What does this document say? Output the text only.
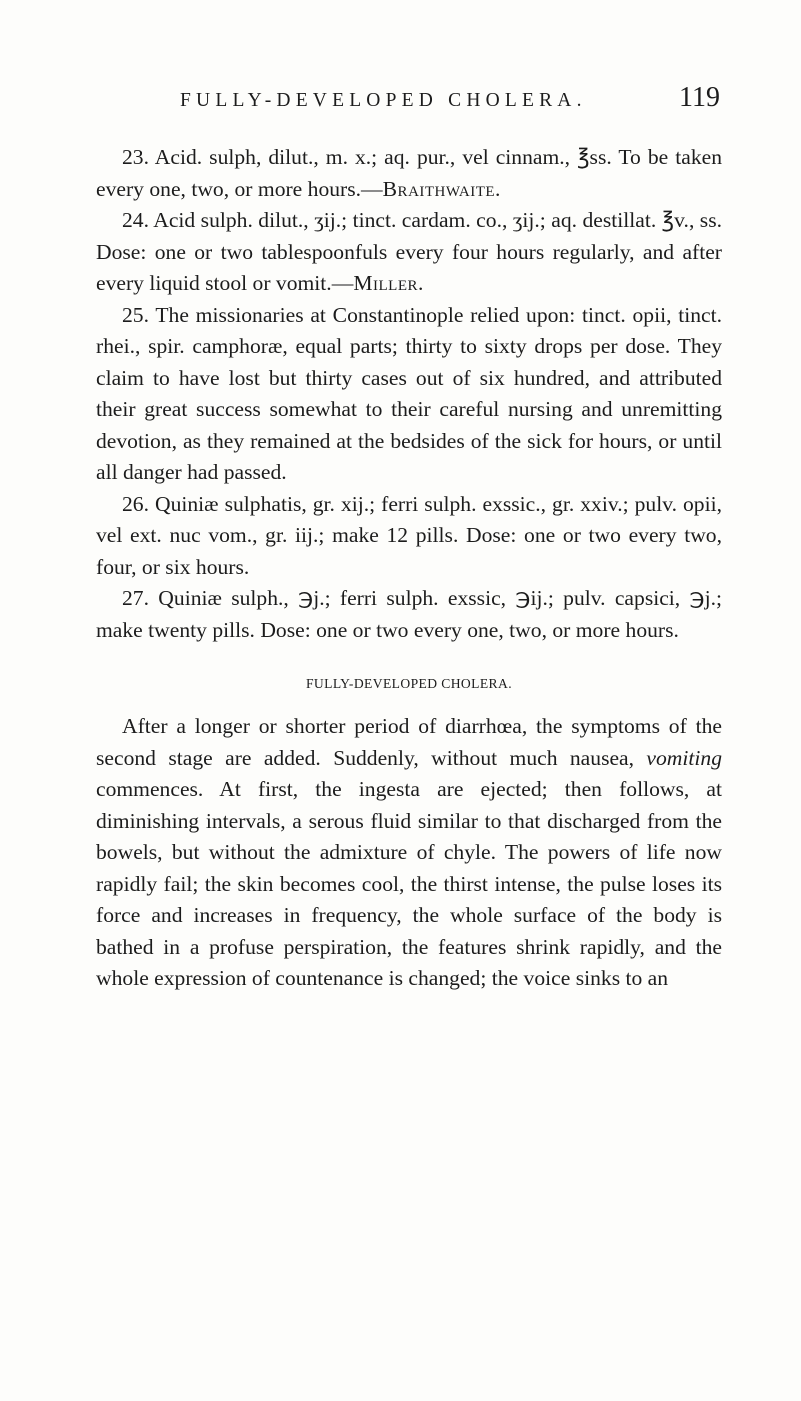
FULLY-DEVELOPED CHOLERA.	119

23. Acid. sulph, dilut., m. x.; aq. pur., vel cinnam., ℥ss. To be taken every one, two, or more hours.—Braithwaite.

24. Acid sulph. dilut., ʒij.; tinct. cardam. co., ʒij.; aq. destillat. ℥v., ss. Dose: one or two tablespoonfuls every four hours regularly, and after every liquid stool or vomit.—Miller.

25. The missionaries at Constantinople relied upon: tinct. opii, tinct. rhei., spir. camphoræ, equal parts; thirty to sixty drops per dose. They claim to have lost but thirty cases out of six hundred, and attributed their great success somewhat to their careful nursing and unremitting devotion, as they remained at the bedsides of the sick for hours, or until all danger had passed.

26. Quiniæ sulphatis, gr. xij.; ferri sulph. exssic., gr. xxiv.; pulv. opii, vel ext. nuc vom., gr. iij.; make 12 pills. Dose: one or two every two, four, or six hours.

27. Quiniæ sulph., ℈j.; ferri sulph. exssic, ℈ij.; pulv. capsici, ℈j.; make twenty pills. Dose: one or two every one, two, or more hours.

FULLY-DEVELOPED CHOLERA.

After a longer or shorter period of diarrhœa, the symptoms of the second stage are added. Suddenly, without much nausea, vomiting commences. At first, the ingesta are ejected; then follows, at diminishing intervals, a serous fluid similar to that discharged from the bowels, but without the admixture of chyle. The powers of life now rapidly fail; the skin becomes cool, the thirst intense, the pulse loses its force and increases in frequency, the whole surface of the body is bathed in a profuse perspiration, the features shrink rapidly, and the whole expression of countenance is changed; the voice sinks to an
